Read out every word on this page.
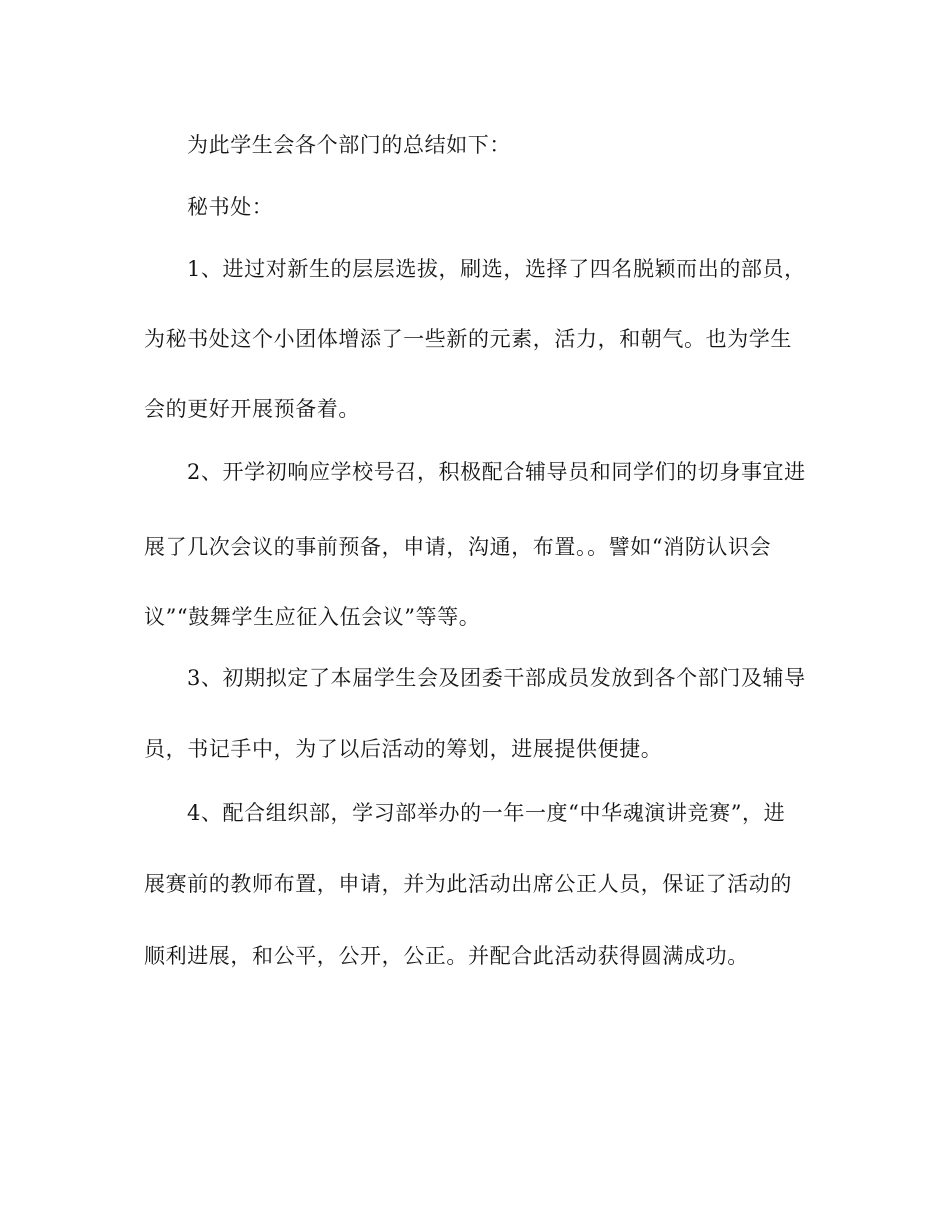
为此学生会各个部门的总结如下：
秘书处：
1、进过对新生的层层选拔，刷选，选择了四名脱颖而出的部员，
为秘书处这个小团体增添了一些新的元素，活力，和朝气。也为学生
会的更好开展预备着。
2、开学初响应学校号召，积极配合辅导员和同学们的切身事宜进
展了几次会议的事前预备，申请，沟通，布置。。譬如“消防认识会
议”“鼓舞学生应征入伍会议”等等。
3、初期拟定了本届学生会及团委干部成员发放到各个部门及辅导
员，书记手中，为了以后活动的筹划，进展提供便捷。
4、配合组织部，学习部举办的一年一度“中华魂演讲竞赛”，进
展赛前的教师布置，申请，并为此活动出席公正人员，保证了活动的
顺利进展，和公平，公开，公正。并配合此活动获得圆满成功。
